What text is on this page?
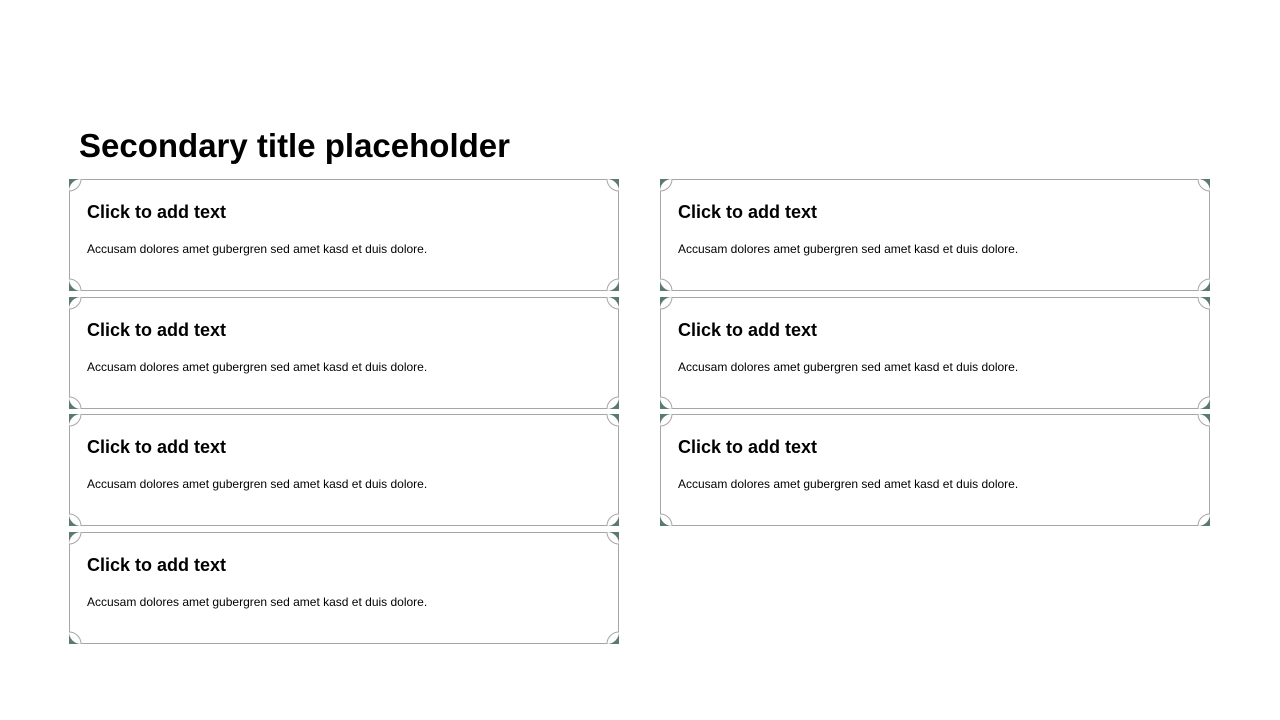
Secondary title placeholder
Click to add text
Accusam dolores amet gubergren sed amet kasd et duis dolore.
Click to add text
Accusam dolores amet gubergren sed amet kasd et duis dolore.
Click to add text
Accusam dolores amet gubergren sed amet kasd et duis dolore.
Click to add text
Accusam dolores amet gubergren sed amet kasd et duis dolore.
Click to add text
Accusam dolores amet gubergren sed amet kasd et duis dolore.
Click to add text
Accusam dolores amet gubergren sed amet kasd et duis dolore.
Click to add text
Accusam dolores amet gubergren sed amet kasd et duis dolore.
